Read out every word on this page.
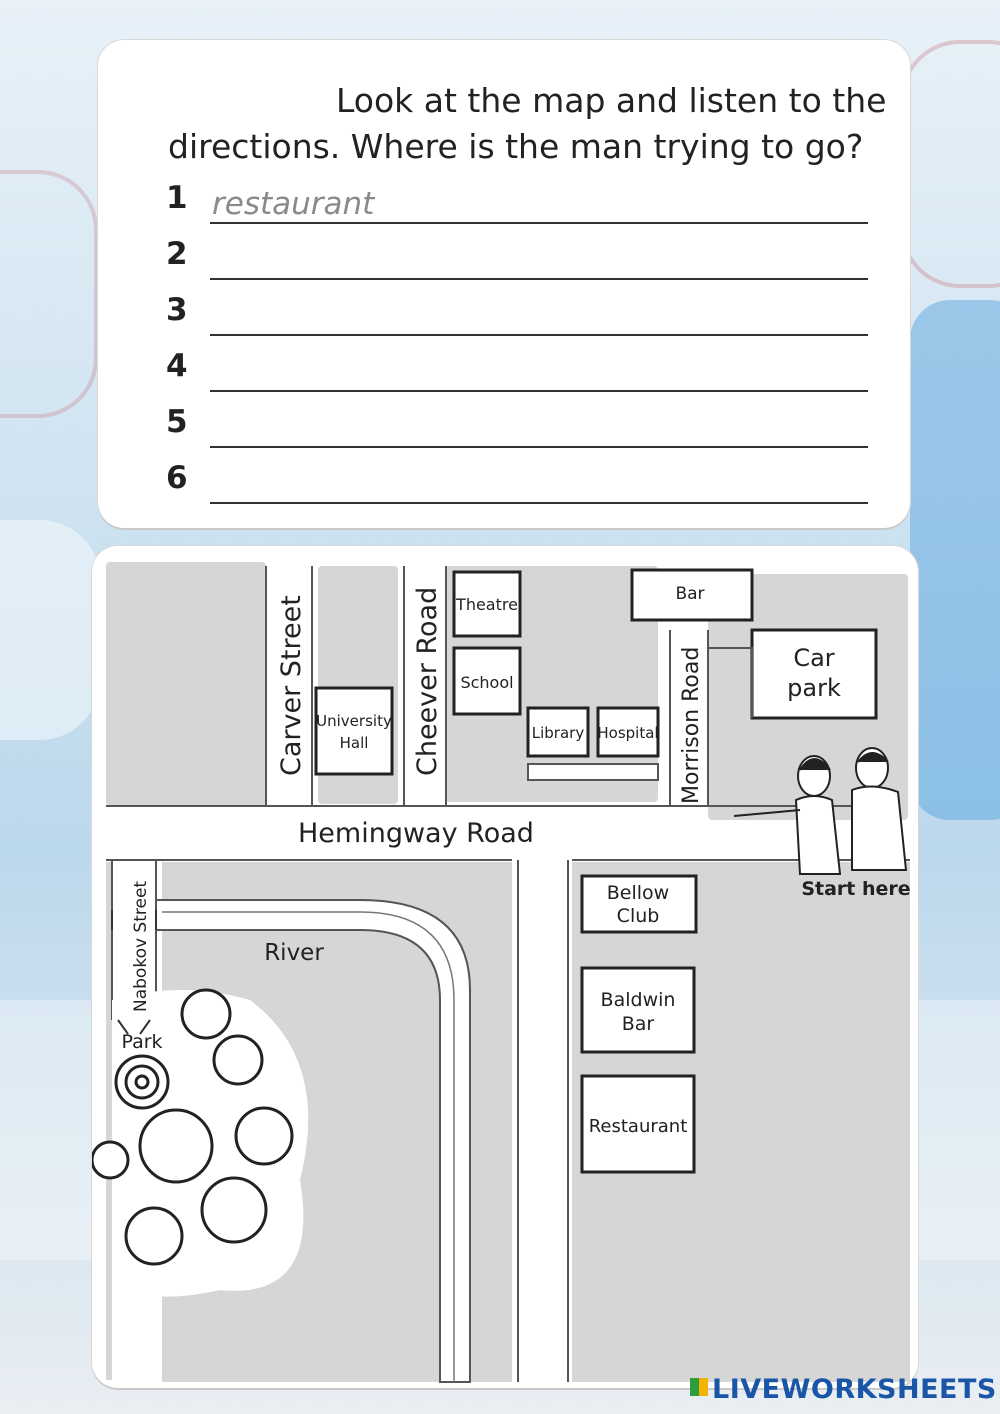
Look at the map and listen to the directions. Where is the man trying to go?
1 restaurant
2
3
4
5
6
Carver Street	Cheever Road	Morrison Road
Hemingway Road
Nabokov Street
Theatre
School
Library Hospital
Bar
Car
park
University
Hall
Bellow
Club
Baldwin
Bar
Restaurant
River
Park
Start here
LIVEWORKSHEETS
